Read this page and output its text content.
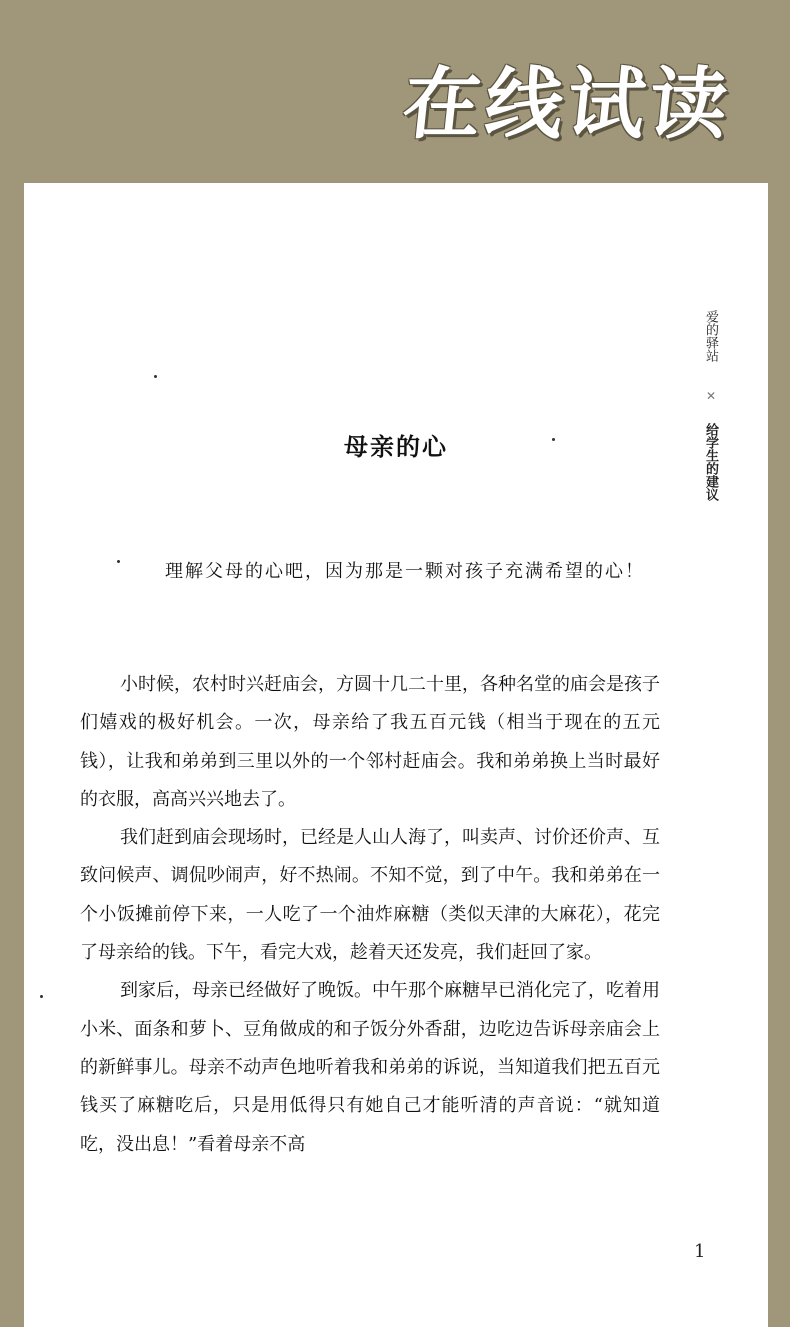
在线试读
爱的驿站
✕
给学生的建议
母亲的心
理解父母的心吧，因为那是一颗对孩子充满希望的心！

小时候，农村时兴赶庙会，方圆十几二十里，各种名堂的庙会是孩子们嬉戏的极好机会。一次，母亲给了我五百元钱（相当于现在的五元钱），让我和弟弟到三里以外的一个邻村赶庙会。我和弟弟换上当时最好的衣服，高高兴兴地去了。

我们赶到庙会现场时，已经是人山人海了，叫卖声、讨价还价声、互致问候声、调侃吵闹声，好不热闹。不知不觉，到了中午。我和弟弟在一个小饭摊前停下来，一人吃了一个油炸麻糖（类似天津的大麻花），花完了母亲给的钱。下午，看完大戏，趁着天还发亮，我们赶回了家。

到家后，母亲已经做好了晚饭。中午那个麻糖早已消化完了，吃着用小米、面条和萝卜、豆角做成的和子饭分外香甜，边吃边告诉母亲庙会上的新鲜事儿。母亲不动声色地听着我和弟弟的诉说，当知道我们把五百元钱买了麻糖吃后，只是用低得只有她自己才能听清的声音说：“就知道吃，没出息！”看着母亲不高

1
